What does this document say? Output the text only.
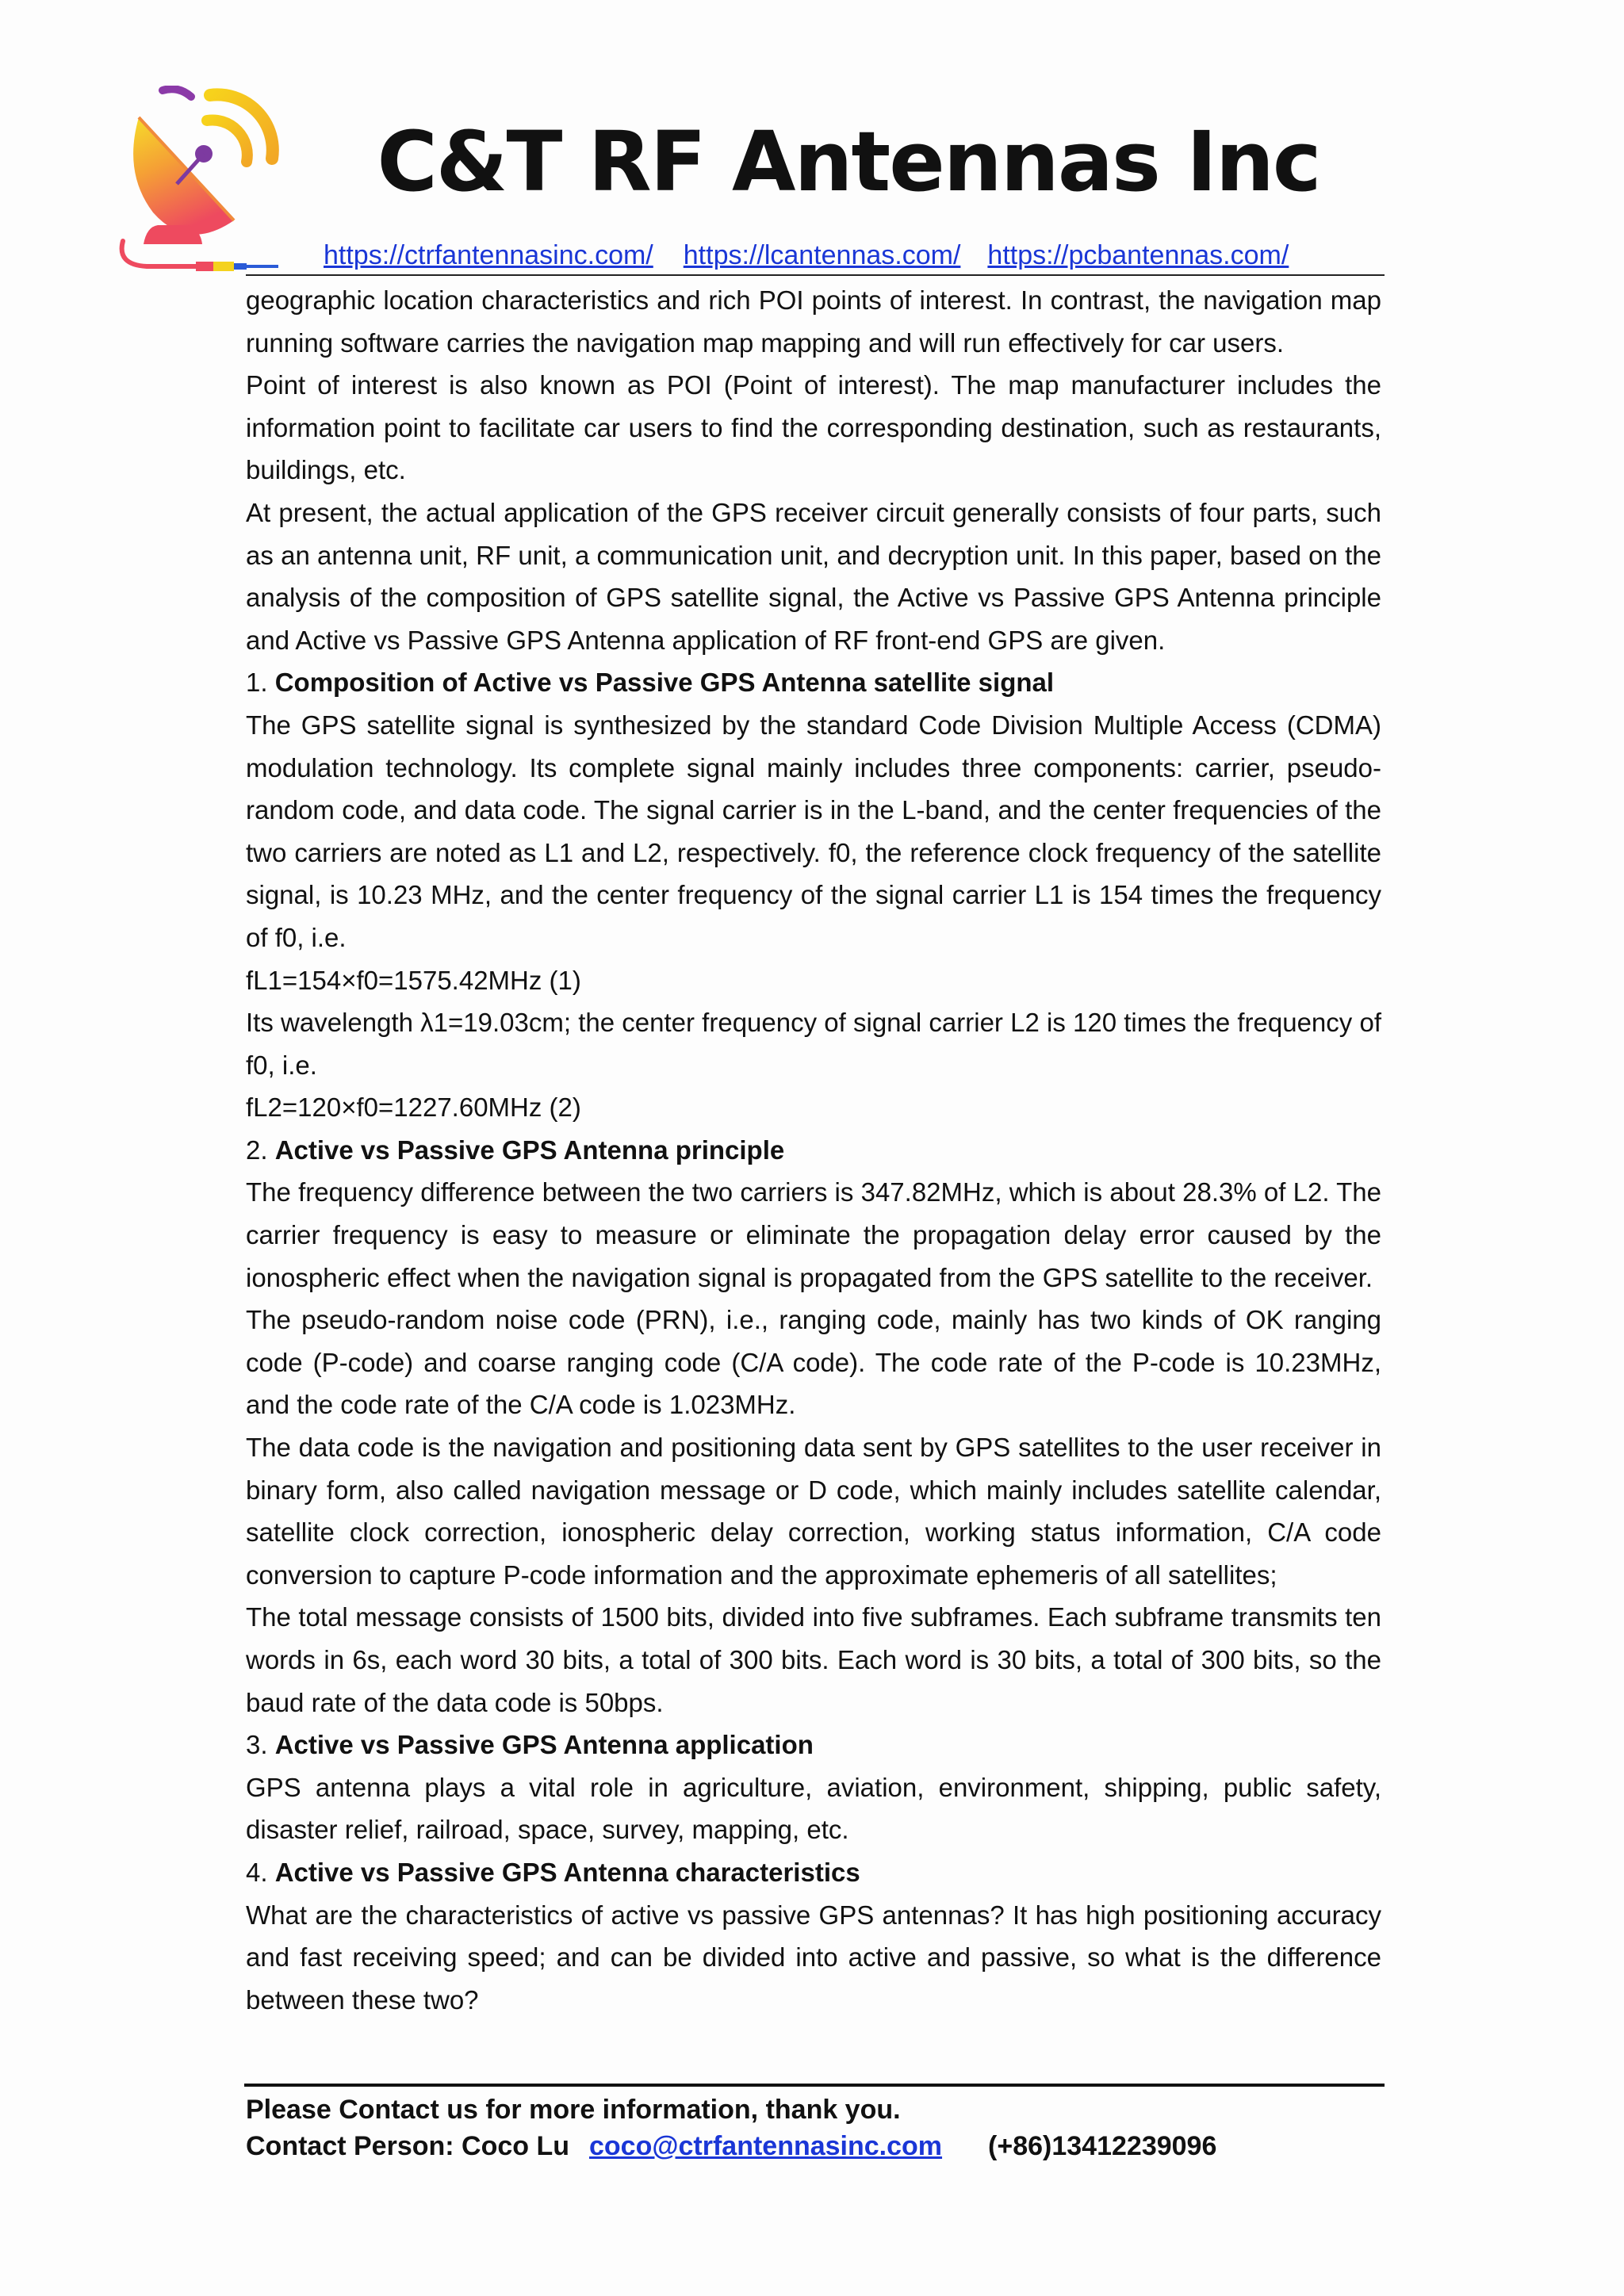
C&T RF Antennas Inc
https://ctrfantennasinc.com/ https://lcantennas.com/ https://pcbantennas.com/

geographic location characteristics and rich POI points of interest. In contrast, the navigation map running software carries the navigation map mapping and will run effectively for car users.

Point of interest is also known as POI (Point of interest). The map manufacturer includes the information point to facilitate car users to find the corresponding destination, such as restaurants, buildings, etc.

At present, the actual application of the GPS receiver circuit generally consists of four parts, such as an antenna unit, RF unit, a communication unit, and decryption unit. In this paper, based on the analysis of the composition of GPS satellite signal, the Active vs Passive GPS Antenna principle and Active vs Passive GPS Antenna application of RF front-end GPS are given.

1. Composition of Active vs Passive GPS Antenna satellite signal

The GPS satellite signal is synthesized by the standard Code Division Multiple Access (CDMA) modulation technology. Its complete signal mainly includes three components: carrier, pseudo-random code, and data code. The signal carrier is in the L-band, and the center frequencies of the two carriers are noted as L1 and L2, respectively. f0, the reference clock frequency of the satellite signal, is 10.23 MHz, and the center frequency of the signal carrier L1 is 154 times the frequency of f0, i.e.

fL1=154×f0=1575.42MHz (1)

Its wavelength λ1=19.03cm; the center frequency of signal carrier L2 is 120 times the frequency of f0, i.e.

fL2=120×f0=1227.60MHz (2)

2. Active vs Passive GPS Antenna principle

The frequency difference between the two carriers is 347.82MHz, which is about 28.3% of L2. The carrier frequency is easy to measure or eliminate the propagation delay error caused by the ionospheric effect when the navigation signal is propagated from the GPS satellite to the receiver.

The pseudo-random noise code (PRN), i.e., ranging code, mainly has two kinds of OK ranging code (P-code) and coarse ranging code (C/A code). The code rate of the P-code is 10.23MHz, and the code rate of the C/A code is 1.023MHz.

The data code is the navigation and positioning data sent by GPS satellites to the user receiver in binary form, also called navigation message or D code, which mainly includes satellite calendar, satellite clock correction, ionospheric delay correction, working status information, C/A code conversion to capture P-code information and the approximate ephemeris of all satellites;

The total message consists of 1500 bits, divided into five subframes. Each subframe transmits ten words in 6s, each word 30 bits, a total of 300 bits. Each word is 30 bits, a total of 300 bits, so the baud rate of the data code is 50bps.

3. Active vs Passive GPS Antenna application

GPS antenna plays a vital role in agriculture, aviation, environment, shipping, public safety, disaster relief, railroad, space, survey, mapping, etc.

4. Active vs Passive GPS Antenna characteristics

What are the characteristics of active vs passive GPS antennas? It has high positioning accuracy and fast receiving speed; and can be divided into active and passive, so what is the difference between these two?

Please Contact us for more information, thank you.
Contact Person: Coco Lu coco@ctrfantennasinc.com (+86)13412239096
